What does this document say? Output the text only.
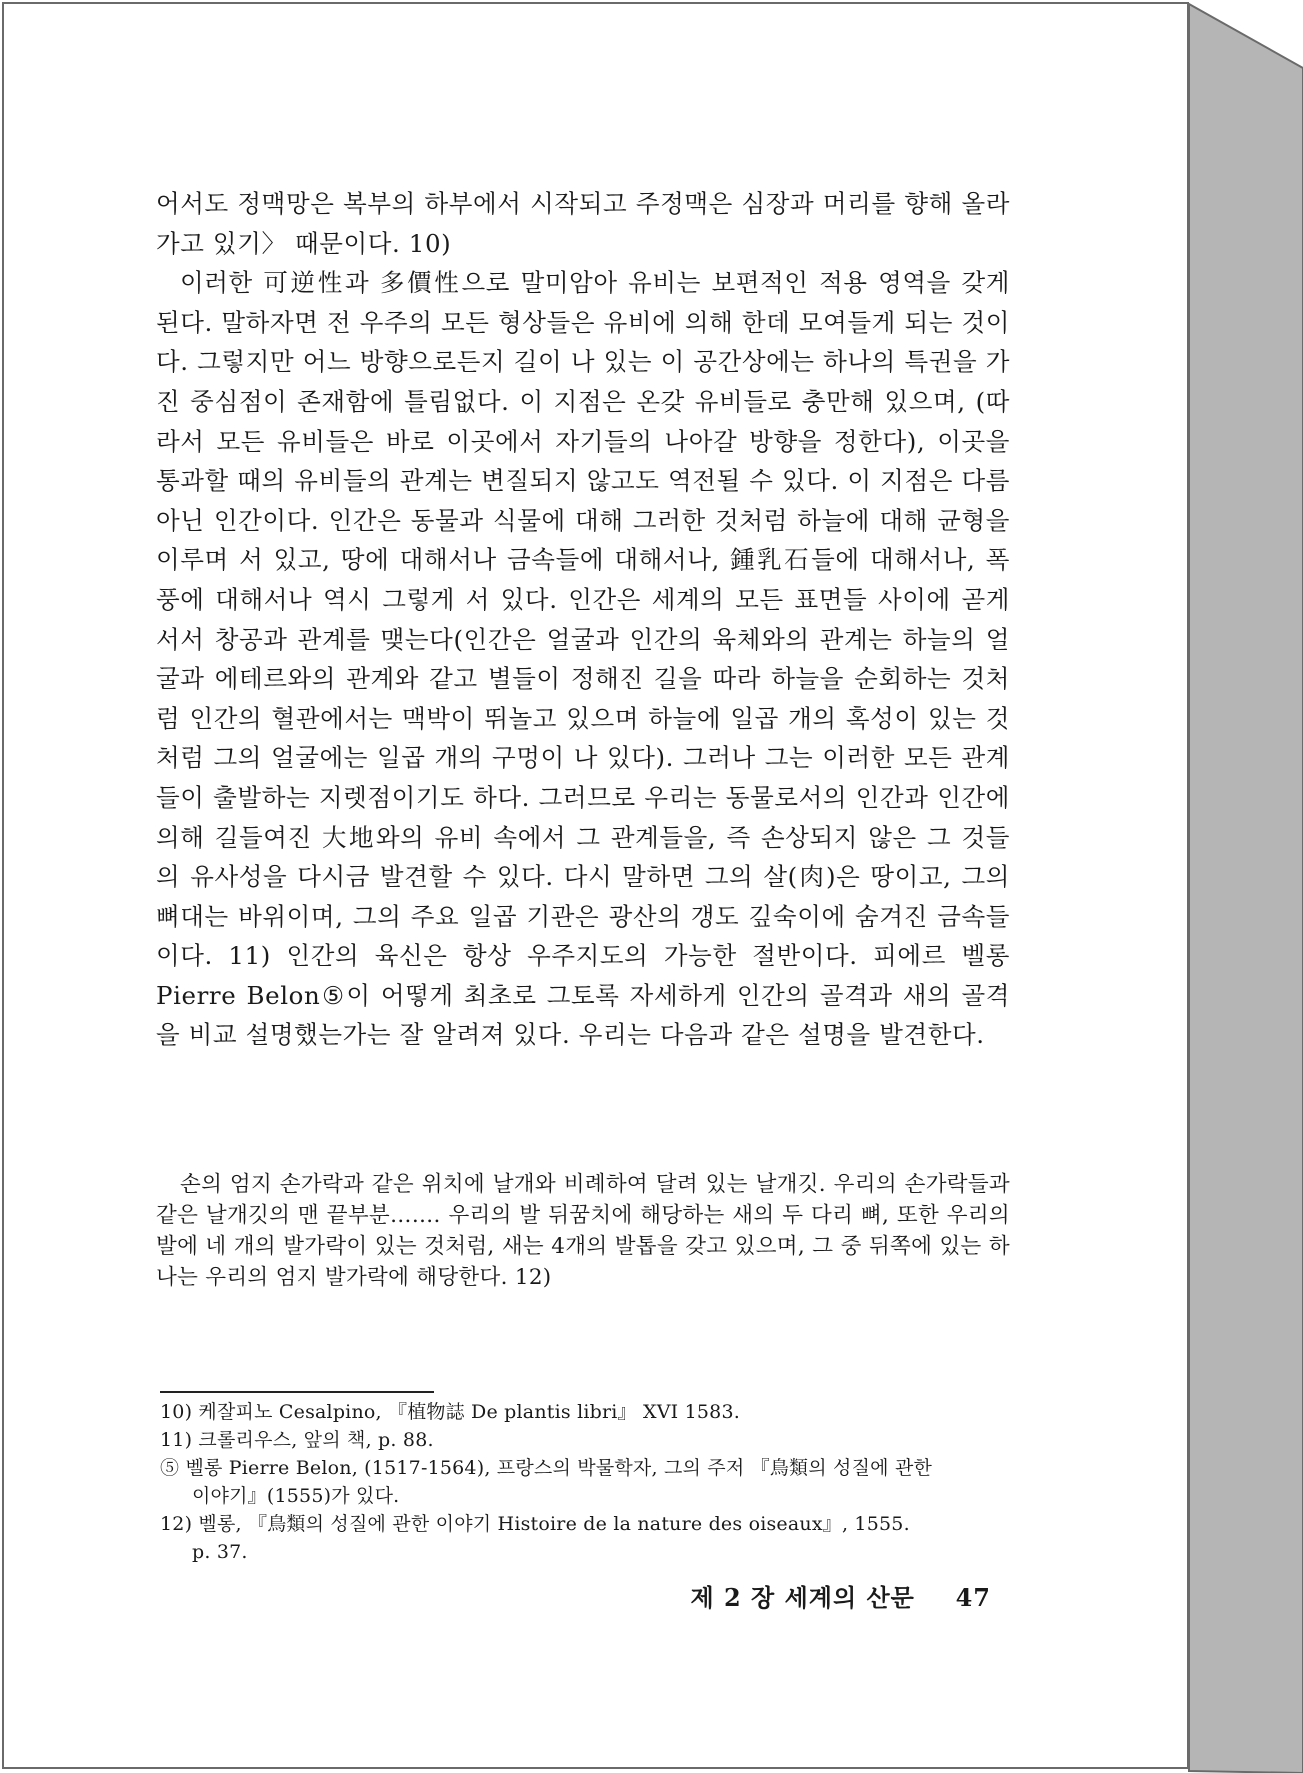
어서도 정맥망은 복부의 하부에서 시작되고 주정맥은 심장과 머리를 향해 올라가고 있기〉 때문이다. 10)

이러한 可逆性과 多價性으로 말미암아 유비는 보편적인 적용 영역을 갖게 된다. 말하자면 전 우주의 모든 형상들은 유비에 의해 한데 모여들게 되는 것이다. 그렇지만 어느 방향으로든지 길이 나 있는 이 공간상에는 하나의 특권을 가진 중심점이 존재함에 틀림없다. 이 지점은 온갖 유비들로 충만해 있으며, (따라서 모든 유비들은 바로 이곳에서 자기들의 나아갈 방향을 정한다), 이곳을 통과할 때의 유비들의 관계는 변질되지 않고도 역전될 수 있다. 이 지점은 다름 아닌 인간이다. 인간은 동물과 식물에 대해 그러한 것처럼 하늘에 대해 균형을 이루며 서 있고, 땅에 대해서나 금속들에 대해서나, 鍾乳石들에 대해서나, 폭풍에 대해서나 역시 그렇게 서 있다. 인간은 세계의 모든 표면들 사이에 곧게 서서 창공과 관계를 맺는다(인간은 얼굴과 인간의 육체와의 관계는 하늘의 얼굴과 에테르와의 관계와 같고 별들이 정해진 길을 따라 하늘을 순회하는 것처럼 인간의 혈관에서는 맥박이 뛰놀고 있으며 하늘에 일곱 개의 혹성이 있는 것처럼 그의 얼굴에는 일곱 개의 구멍이 나 있다). 그러나 그는 이러한 모든 관계들이 출발하는 지렛점이기도 하다. 그러므로 우리는 동물로서의 인간과 인간에 의해 길들여진 大地와의 유비 속에서 그 관계들을, 즉 손상되지 않은 그 것들의 유사성을 다시금 발견할 수 있다. 다시 말하면 그의 살(肉)은 땅이고, 그의 뼈대는 바위이며, 그의 주요 일곱 기관은 광산의 갱도 깊숙이에 숨겨진 금속들이다. 11) 인간의 육신은 항상 우주지도의 가능한 절반이다. 피에르 벨롱 Pierre Belon⑤이 어떻게 최초로 그토록 자세하게 인간의 골격과 새의 골격을 비교 설명했는가는 잘 알려져 있다. 우리는 다음과 같은 설명을 발견한다.

손의 엄지 손가락과 같은 위치에 날개와 비례하여 달려 있는 날개깃. 우리의 손가락들과 같은 날개깃의 맨 끝부분……. 우리의 발 뒤꿈치에 해당하는 새의 두 다리 뼈, 또한 우리의 발에 네 개의 발가락이 있는 것처럼, 새는 4개의 발톱을 갖고 있으며, 그 중 뒤쪽에 있는 하나는 우리의 엄지 발가락에 해당한다. 12)

10) 케잘피노 Cesalpino, 『植物誌 De plantis libri』 XVI 1583.
11) 크롤리우스, 앞의 책, p. 88.
⑤ 벨롱 Pierre Belon, (1517-1564), 프랑스의 박물학자, 그의 주저 『鳥類의 성질에 관한
이야기』(1555)가 있다.
12) 벨롱, 『鳥類의 성질에 관한 이야기 Histoire de la nature des oiseaux』, 1555.
p. 37.
제 2 장 세계의 산문 47
